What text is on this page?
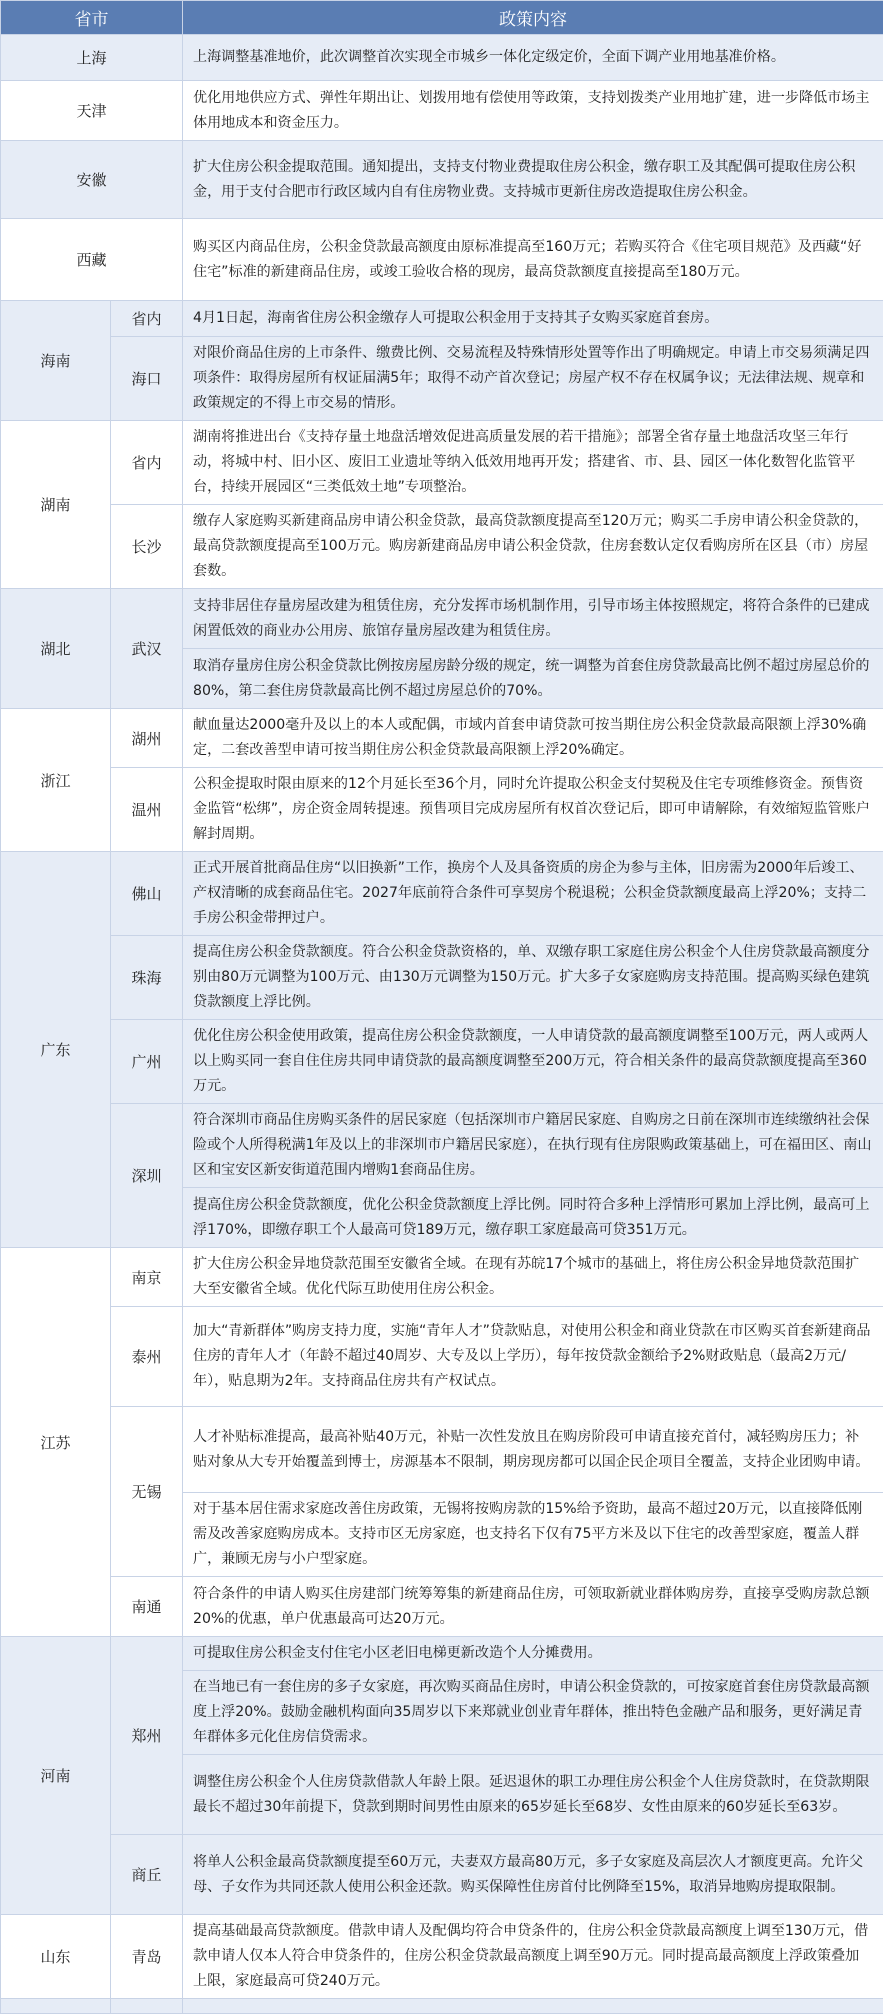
省市		政策内容
上海		上海调整基准地价，此次调整首次实现全市城乡一体化定级定价，全面下调产业用地基准价格。
天津		优化用地供应方式、弹性年期出让、划拨用地有偿使用等政策，支持划拨类产业用地扩建，进一步降低市场主体用地成本和资金压力。
安徽		扩大住房公积金提取范围。通知提出，支持支付物业费提取住房公积金，缴存职工及其配偶可提取住房公积金，用于支付合肥市行政区域内自有住房物业费。支持城市更新住房改造提取住房公积金。
西藏		购买区内商品住房，公积金贷款最高额度由原标准提高至160万元；若购买符合《住宅项目规范》及西藏“好住宅”标准的新建商品住房，或竣工验收合格的现房，最高贷款额度直接提高至180万元。
海南	省内	4月1日起，海南省住房公积金缴存人可提取公积金用于支持其子女购买家庭首套房。
	海口	对限价商品住房的上市条件、缴费比例、交易流程及特殊情形处置等作出了明确规定。申请上市交易须满足四项条件：取得房屋所有权证届满5年；取得不动产首次登记；房屋产权不存在权属争议；无法律法规、规章和政策规定的不得上市交易的情形。
湖南	省内	湖南将推进出台《支持存量土地盘活增效促进高质量发展的若干措施》；部署全省存量土地盘活攻坚三年行动，将城中村、旧小区、废旧工业遗址等纳入低效用地再开发；搭建省、市、县、园区一体化数智化监管平台，持续开展园区“三类低效土地”专项整治。
	长沙	缴存人家庭购买新建商品房申请公积金贷款，最高贷款额度提高至120万元；购买二手房申请公积金贷款的，最高贷款额度提高至100万元。购房新建商品房申请公积金贷款，住房套数认定仅看购房所在区县（市）房屋套数。
湖北	武汉	支持非居住存量房屋改建为租赁住房，充分发挥市场机制作用，引导市场主体按照规定，将符合条件的已建成闲置低效的商业办公用房、旅馆存量房屋改建为租赁住房。
		取消存量房住房公积金贷款比例按房屋房龄分级的规定，统一调整为首套住房贷款最高比例不超过房屋总价的80%，第二套住房贷款最高比例不超过房屋总价的70%。
浙江	湖州	献血量达2000毫升及以上的本人或配偶，市域内首套申请贷款可按当期住房公积金贷款最高限额上浮30%确定，二套改善型申请可按当期住房公积金贷款最高限额上浮20%确定。
	温州	公积金提取时限由原来的12个月延长至36个月，同时允许提取公积金支付契税及住宅专项维修资金。预售资金监管“松绑”，房企资金周转提速。预售项目完成房屋所有权首次登记后，即可申请解除，有效缩短监管账户解封周期。
广东	佛山	正式开展首批商品住房“以旧换新”工作，换房个人及具备资质的房企为参与主体，旧房需为2000年后竣工、产权清晰的成套商品住宅。2027年底前符合条件可享契房个税退税；公积金贷款额度最高上浮20%；支持二手房公积金带押过户。
	珠海	提高住房公积金贷款额度。符合公积金贷款资格的，单、双缴存职工家庭住房公积金个人住房贷款最高额度分别由80万元调整为100万元、由130万元调整为150万元。扩大多子女家庭购房支持范围。提高购买绿色建筑贷款额度上浮比例。
	广州	优化住房公积金使用政策，提高住房公积金贷款额度，一人申请贷款的最高额度调整至100万元，两人或两人以上购买同一套自住住房共同申请贷款的最高额度调整至200万元，符合相关条件的最高贷款额度提高至360万元。
	深圳	符合深圳市商品住房购买条件的居民家庭（包括深圳市户籍居民家庭、自购房之日前在深圳市连续缴纳社会保险或个人所得税满1年及以上的非深圳市户籍居民家庭），在执行现有住房限购政策基础上，可在福田区、南山区和宝安区新安街道范围内增购1套商品住房。
		提高住房公积金贷款额度，优化公积金贷款额度上浮比例。同时符合多种上浮情形可累加上浮比例，最高可上浮170%，即缴存职工个人最高可贷189万元，缴存职工家庭最高可贷351万元。
江苏	南京	扩大住房公积金异地贷款范围至安徽省全域。在现有苏皖17个城市的基础上，将住房公积金异地贷款范围扩大至安徽省全域。优化代际互助使用住房公积金。
	泰州	加大“青新群体”购房支持力度，实施“青年人才”贷款贴息，对使用公积金和商业贷款在市区购买首套新建商品住房的青年人才（年龄不超过40周岁、大专及以上学历），每年按贷款金额给予2%财政贴息（最高2万元/年），贴息期为2年。支持商品住房共有产权试点。
	无锡	人才补贴标准提高，最高补贴40万元，补贴一次性发放且在购房阶段可申请直接充首付，减轻购房压力；补贴对象从大专开始覆盖到博士，房源基本不限制，期房现房都可以国企民企项目全覆盖，支持企业团购申请。
		对于基本居住需求家庭改善住房政策，无锡将按购房款的15%给予资助，最高不超过20万元，以直接降低刚需及改善家庭购房成本。支持市区无房家庭，也支持名下仅有75平方米及以下住宅的改善型家庭，覆盖人群广，兼顾无房与小户型家庭。
	南通	符合条件的申请人购买住房建部门统筹筹集的新建商品住房，可领取新就业群体购房券，直接享受购房款总额20%的优惠，单户优惠最高可达20万元。
河南	郑州	可提取住房公积金支付住宅小区老旧电梯更新改造个人分摊费用。
		在当地已有一套住房的多子女家庭，再次购买商品住房时，申请公积金贷款的，可按家庭首套住房贷款最高额度上浮20%。鼓励金融机构面向35周岁以下来郑就业创业青年群体，推出特色金融产品和服务，更好满足青年群体多元化住房信贷需求。
		调整住房公积金个人住房贷款借款人年龄上限。延迟退休的职工办理住房公积金个人住房贷款时，在贷款期限最长不超过30年前提下，贷款到期时间男性由原来的65岁延长至68岁、女性由原来的60岁延长至63岁。
	商丘	将单人公积金最高贷款额度提至60万元，夫妻双方最高80万元，多子女家庭及高层次人才额度更高。允许父母、子女作为共同还款人使用公积金还款。购买保障性住房首付比例降至15%，取消异地购房提取限制。
山东	青岛	提高基础最高贷款额度。借款申请人及配偶均符合申贷条件的，住房公积金贷款最高额度上调至130万元，借款申请人仅本人符合申贷条件的，住房公积金贷款最高额度上调至90万元。同时提高最高额度上浮政策叠加上限，家庭最高可贷240万元。
